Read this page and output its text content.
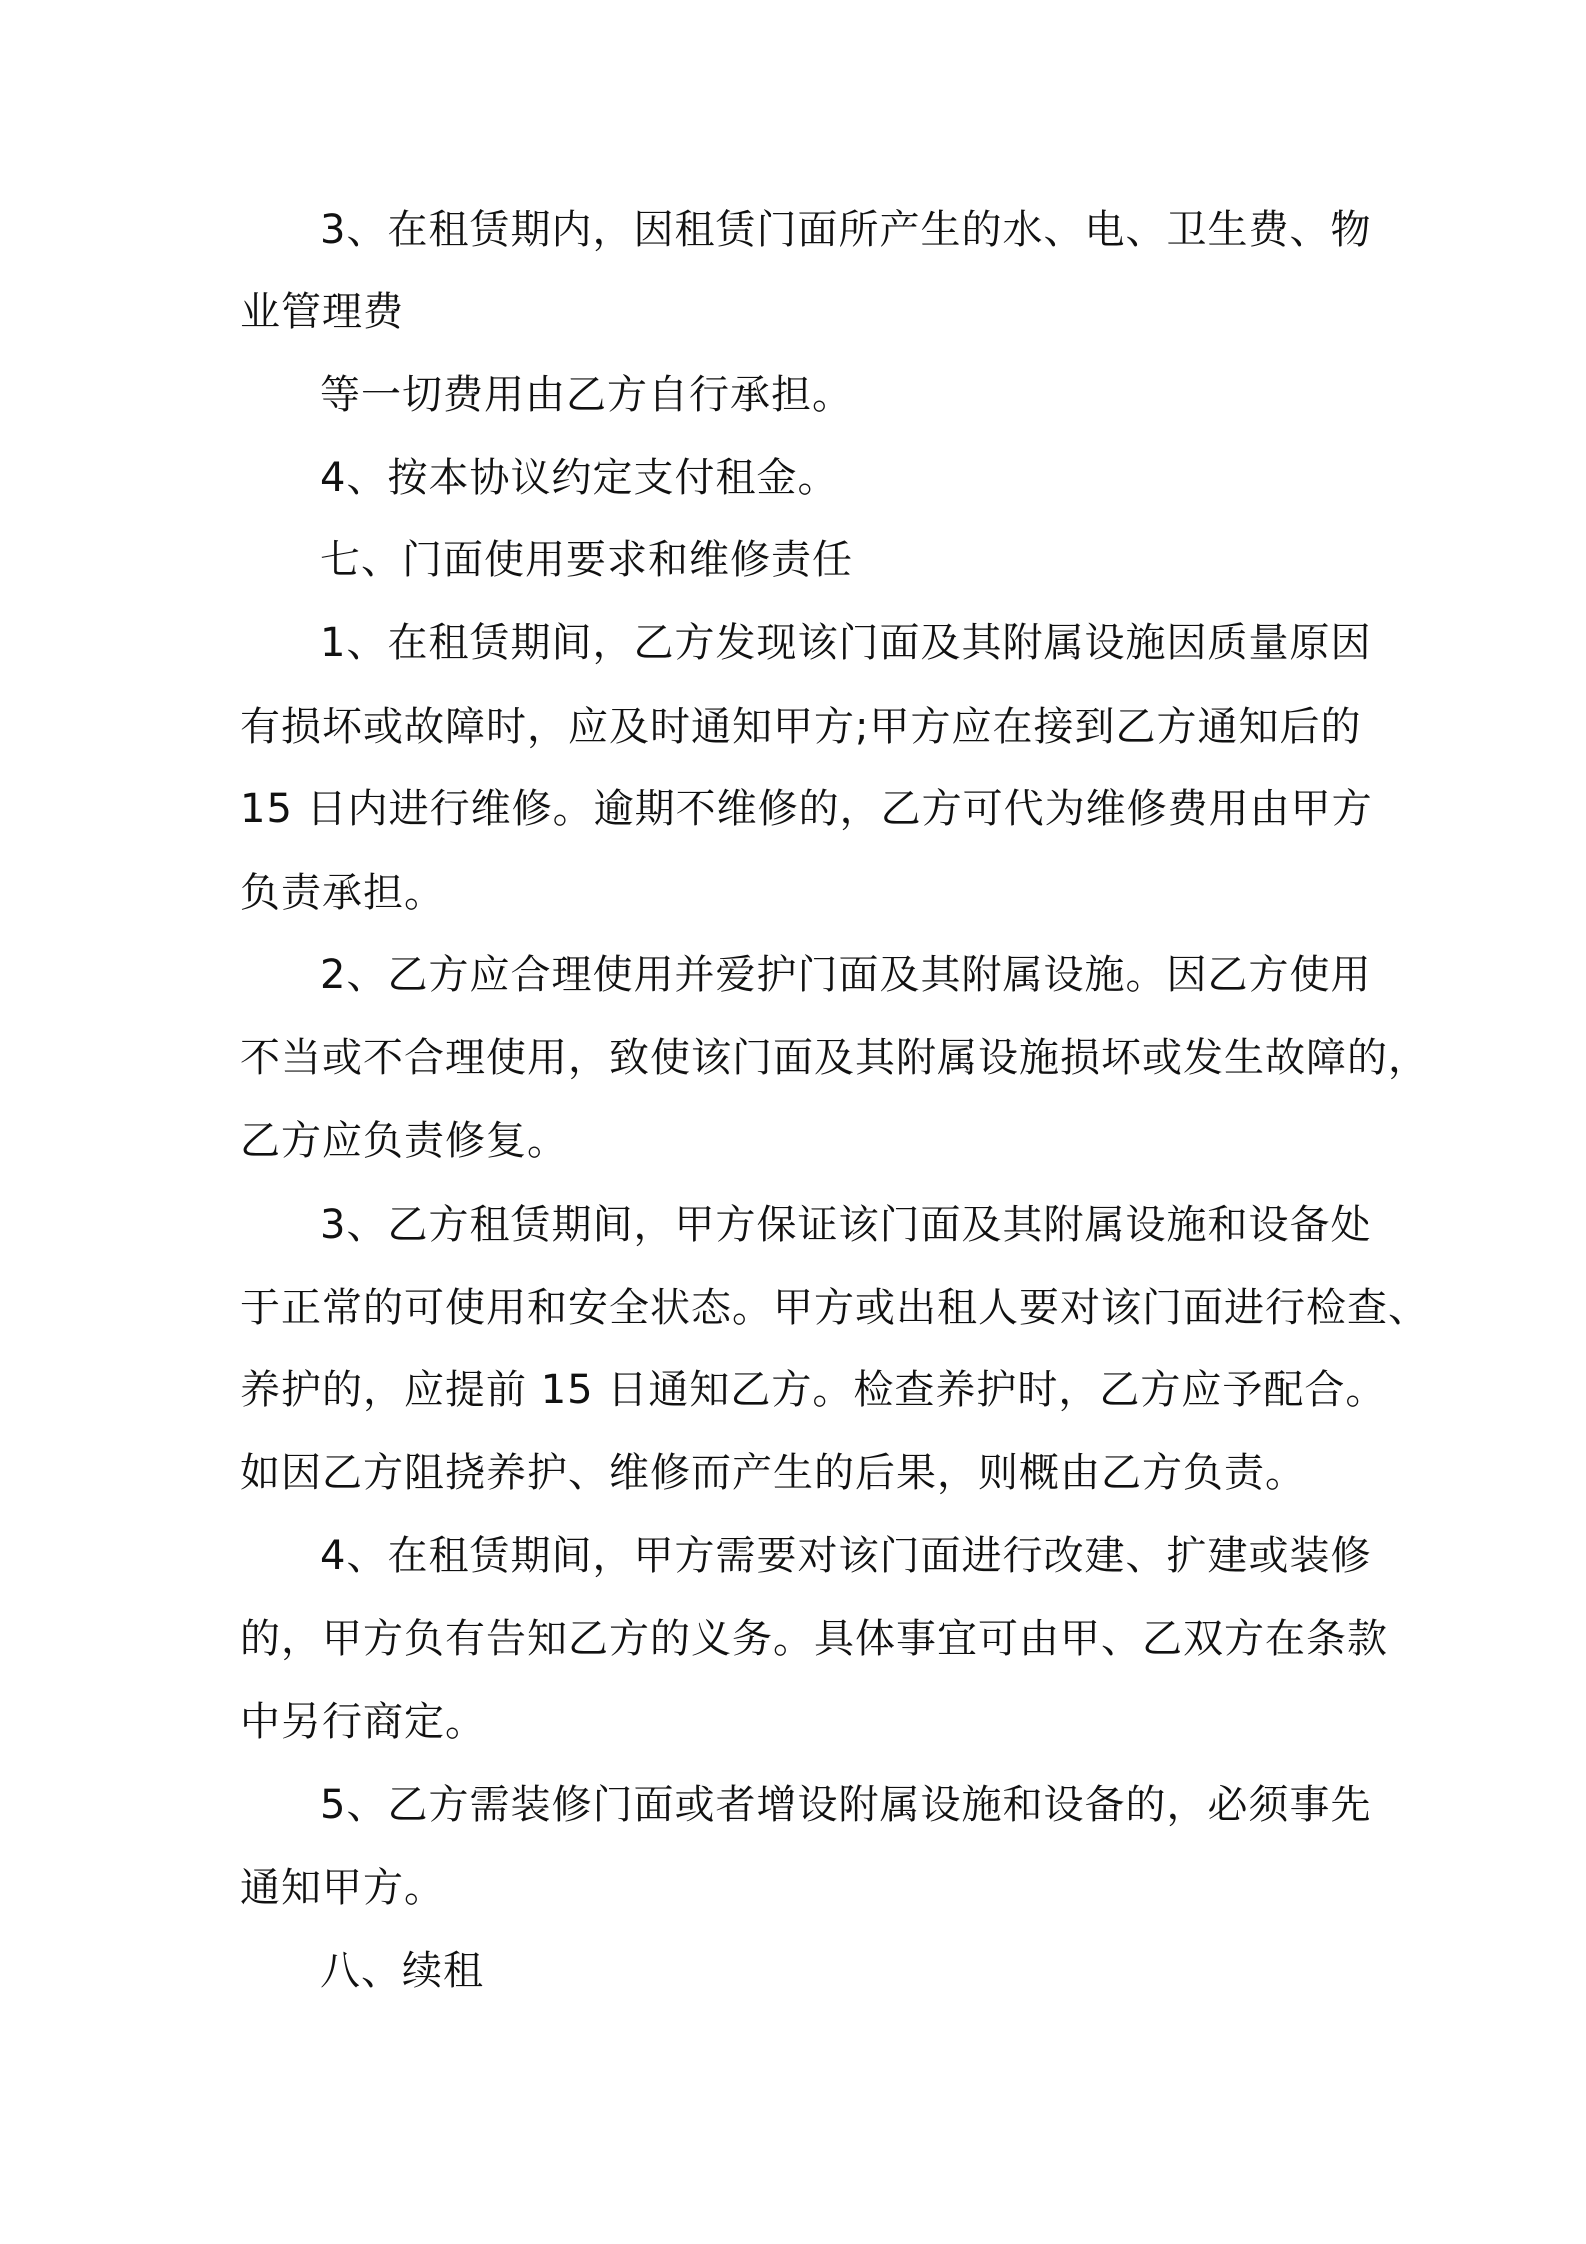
3、在租赁期内，因租赁门面所产生的水、电、卫生费、物

业管理费

等一切费用由乙方自行承担。

4、按本协议约定支付租金。

七、门面使用要求和维修责任

1、在租赁期间，乙方发现该门面及其附属设施因质量原因

有损坏或故障时，应及时通知甲方;甲方应在接到乙方通知后的

15 日内进行维修。逾期不维修的，乙方可代为维修费用由甲方

负责承担。

2、乙方应合理使用并爱护门面及其附属设施。因乙方使用

不当或不合理使用，致使该门面及其附属设施损坏或发生故障的，

乙方应负责修复。

3、乙方租赁期间，甲方保证该门面及其附属设施和设备处

于正常的可使用和安全状态。甲方或出租人要对该门面进行检查、

养护的，应提前 15 日通知乙方。检查养护时，乙方应予配合。

如因乙方阻挠养护、维修而产生的后果，则概由乙方负责。

4、在租赁期间，甲方需要对该门面进行改建、扩建或装修

的，甲方负有告知乙方的义务。具体事宜可由甲、乙双方在条款

中另行商定。

5、乙方需装修门面或者增设附属设施和设备的，必须事先

通知甲方。

八、续租
